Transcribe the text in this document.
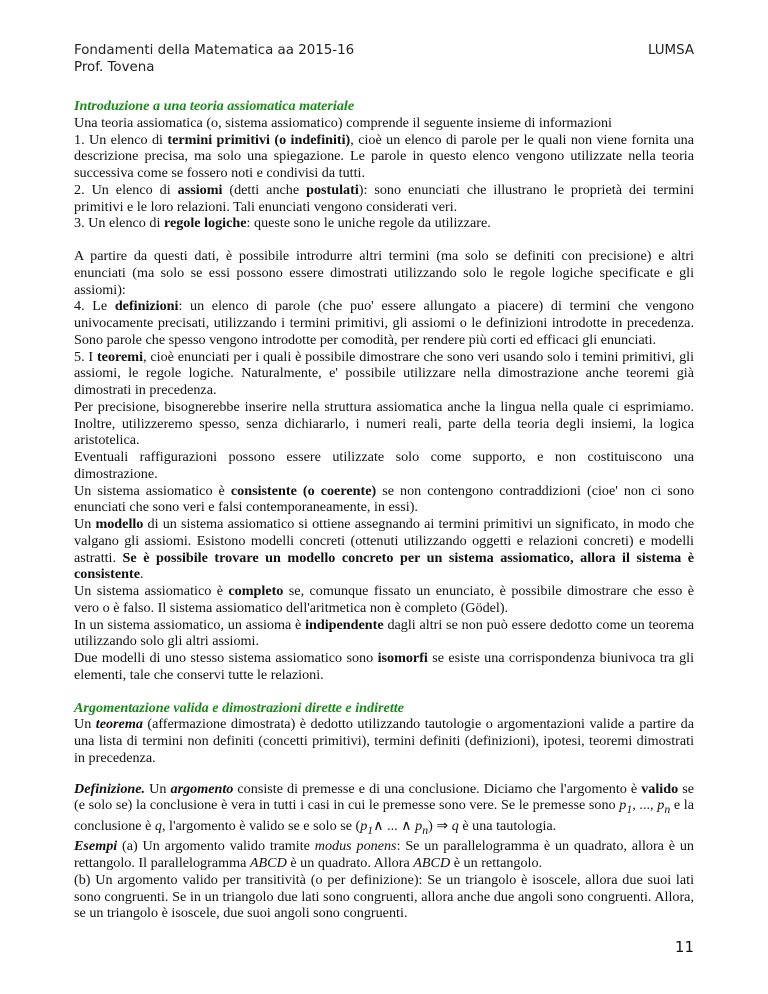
Fondamenti della Matematica aa 2015-16
Prof. Tovena
LUMSA

Introduzione a una teoria assiomatica materiale

Una teoria assiomatica (o, sistema assiomatico) comprende il seguente insieme di informazioni

1. Un elenco di termini primitivi (o indefiniti), cioè un elenco di parole per le quali non viene fornita una descrizione precisa, ma solo una spiegazione. Le parole in questo elenco vengono utilizzate nella teoria successiva come se fossero noti e condivisi da tutti.

2. Un elenco di assiomi (detti anche postulati): sono enunciati che illustrano le proprietà dei termini primitivi e le loro relazioni. Tali enunciati vengono considerati veri.

3. Un elenco di regole logiche: queste sono le uniche regole da utilizzare.

A partire da questi dati, è possibile introdurre altri termini (ma solo se definiti con precisione) e altri enunciati (ma solo se essi possono essere dimostrati utilizzando solo le regole logiche specificate e gli assiomi):

4. Le definizioni: un elenco di parole (che puo' essere allungato a piacere) di termini che vengono univocamente precisati, utilizzando i termini primitivi, gli assiomi o le definizioni introdotte in precedenza. Sono parole che spesso vengono introdotte per comodità, per rendere più corti ed efficaci gli enunciati.

5. I teoremi, cioè enunciati per i quali è possibile dimostrare che sono veri usando solo i temini primitivi, gli assiomi, le regole logiche. Naturalmente, e' possibile utilizzare nella dimostrazione anche teoremi già dimostrati in precedenza.

Per precisione, bisognerebbe inserire nella struttura assiomatica anche la lingua nella quale ci esprimiamo. Inoltre, utilizzeremo spesso, senza dichiararlo, i numeri reali, parte della teoria degli insiemi, la logica aristotelica.

Eventuali raffigurazioni possono essere utilizzate solo come supporto, e non costituiscono una dimostrazione.

Un sistema assiomatico è consistente (o coerente) se non contengono contraddizioni (cioe' non ci sono enunciati che sono veri e falsi contemporaneamente, in essi).

Un modello di un sistema assiomatico si ottiene assegnando ai termini primitivi un significato, in modo che valgano gli assiomi. Esistono modelli concreti (ottenuti utilizzando oggetti e relazioni concreti) e modelli astratti. Se è possibile trovare un modello concreto per un sistema assiomatico, allora il sistema è consistente.

Un sistema assiomatico è completo se, comunque fissato un enunciato, è possibile dimostrare che esso è vero o è falso. Il sistema assiomatico dell'aritmetica non è completo (Gödel).

In un sistema assiomatico, un assioma è indipendente dagli altri se non può essere dedotto come un teorema utilizzando solo gli altri assiomi.

Due modelli di uno stesso sistema assiomatico sono isomorfi se esiste una corrispondenza biunivoca tra gli elementi, tale che conservi tutte le relazioni.

Argomentazione valida e dimostrazioni dirette e indirette

Un teorema (affermazione dimostrata) è dedotto utilizzando tautologie o argomentazioni valide a partire da una lista di termini non definiti (concetti primitivi), termini definiti (definizioni), ipotesi, teoremi dimostrati in precedenza.

Definizione. Un argomento consiste di premesse e di una conclusione. Diciamo che l'argomento è valido se (e solo se) la conclusione è vera in tutti i casi in cui le premesse sono vere. Se le premesse sono $p_1$, ..., $p_n$ e la conclusione è q, l'argomento è valido se e solo se ($p_1\wedge$ ... ∧ $p_n$) ⇒ q è una tautologia.

Esempi (a) Un argomento valido tramite modus ponens: Se un parallelogramma è un quadrato, allora è un rettangolo. Il parallelogramma ABCD è un quadrato. Allora ABCD è un rettangolo.

(b) Un argomento valido per transitività (o per definizione): Se un triangolo è isoscele, allora due suoi lati sono congruenti. Se in un triangolo due lati sono congruenti, allora anche due angoli sono congruenti. Allora, se un triangolo è isoscele, due suoi angoli sono congruenti.

11
